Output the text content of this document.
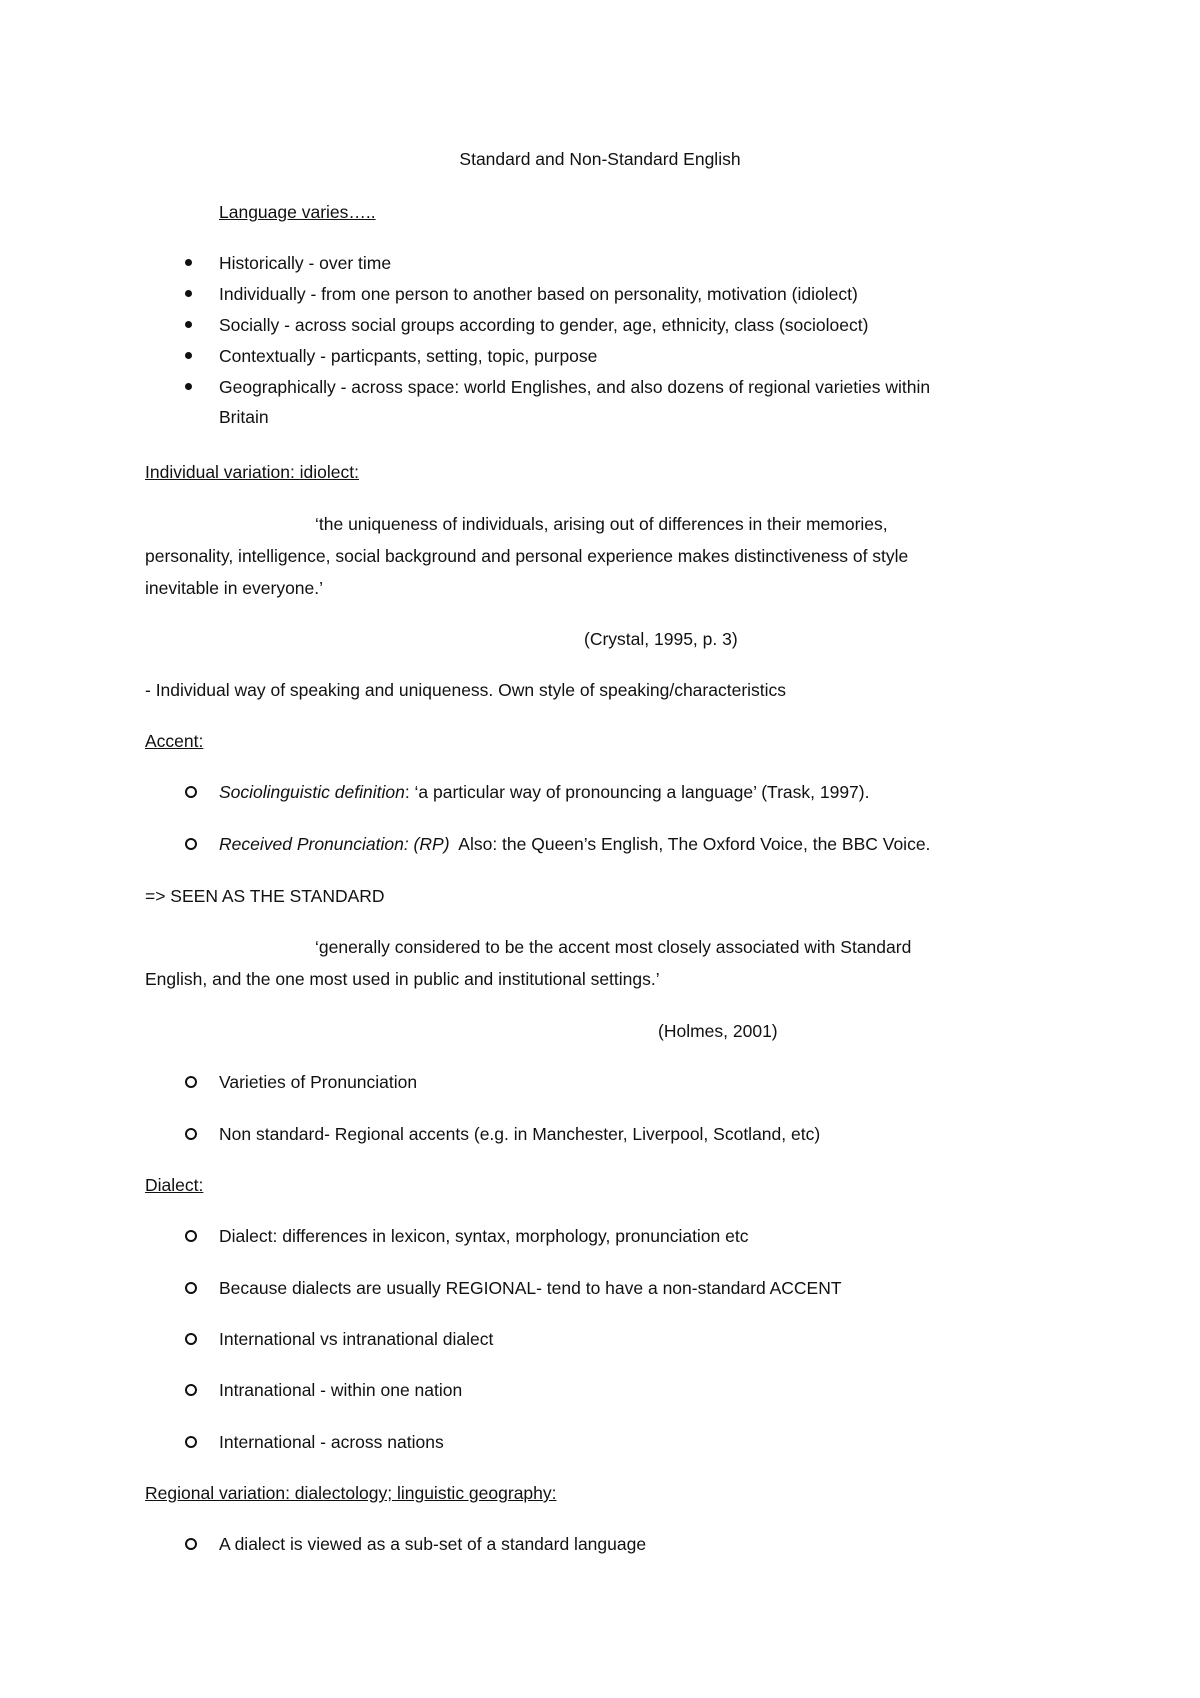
Standard and Non-Standard English
Language varies…..
Historically - over time
Individually - from one person to another based on personality, motivation (idiolect)
Socially - across social groups according to gender, age, ethnicity, class (socioloect)
Contextually - particpants, setting, topic, purpose
Geographically - across space: world Englishes, and also dozens of regional varieties within
Britain
Individual variation: idiolect:
‘the uniqueness of individuals, arising out of differences in their memories,
personality, intelligence, social background and personal experience makes distinctiveness of style
inevitable in everyone.’
(Crystal, 1995, p. 3)
- Individual way of speaking and uniqueness. Own style of speaking/characteristics
Accent:
Sociolinguistic definition: ‘a particular way of pronouncing a language’ (Trask, 1997).
Received Pronunciation: (RP)  Also: the Queen’s English, The Oxford Voice, the BBC Voice.
=> SEEN AS THE STANDARD
‘generally considered to be the accent most closely associated with Standard
English, and the one most used in public and institutional settings.’
(Holmes, 2001)
Varieties of Pronunciation
Non standard- Regional accents (e.g. in Manchester, Liverpool, Scotland, etc)
Dialect:
Dialect: differences in lexicon, syntax, morphology, pronunciation etc
Because dialects are usually REGIONAL- tend to have a non-standard ACCENT
International vs intranational dialect
Intranational - within one nation
International - across nations
Regional variation: dialectology; linguistic geography:
A dialect is viewed as a sub-set of a standard language
